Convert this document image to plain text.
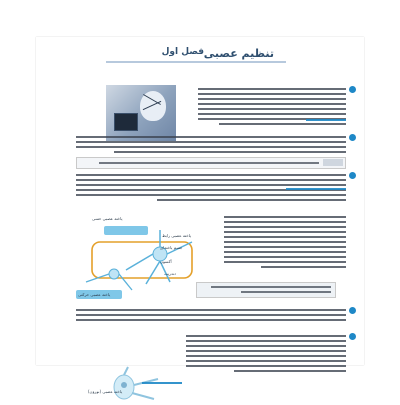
تنظیم عصبی
فصل اول
یاخته عصبی حسی
یاخته عصبی حرکتی
یاخته عصبی رابط
آکسون
دندریت
جسم یاخته‌ای
یاخته عصبی (نورون)
